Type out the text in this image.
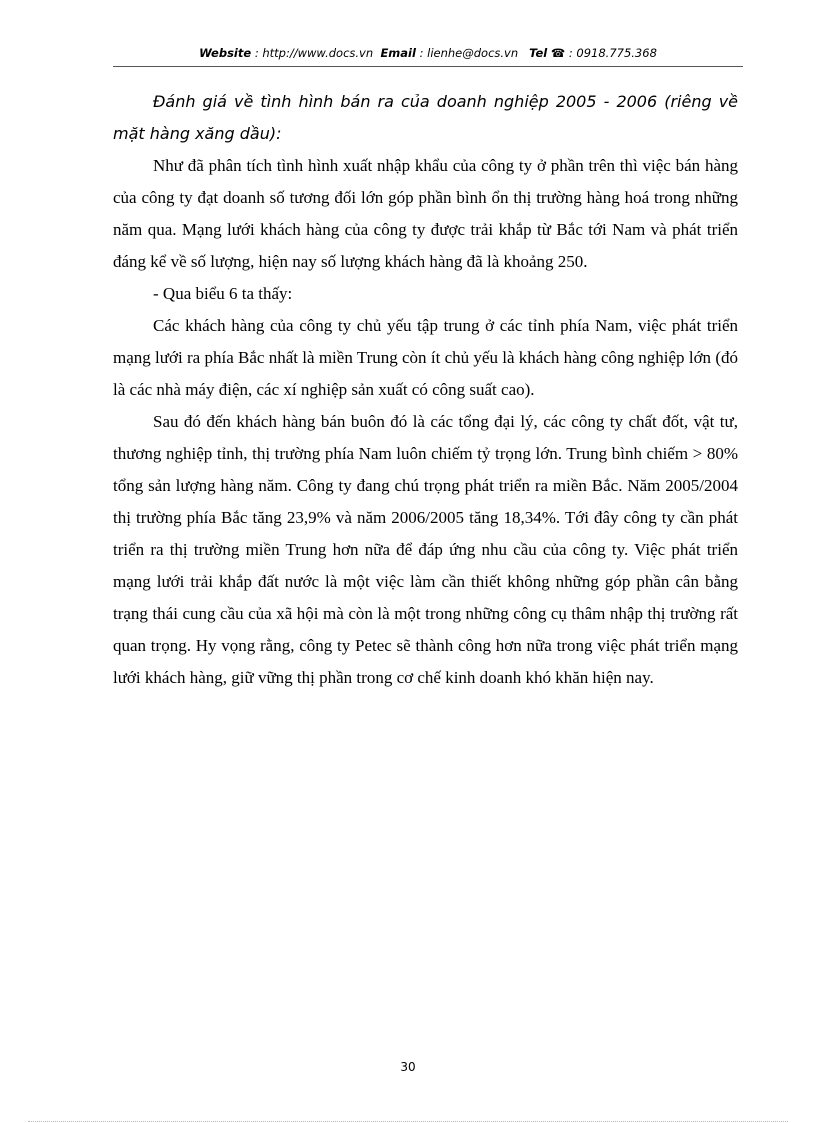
Website : http://www.docs.vn Email : lienhe@docs.vn Tel ☎ : 0918.775.368

Đánh giá về tình hình bán ra của doanh nghiệp 2005 - 2006 (riêng về mặt hàng xăng dầu):

Như đã phân tích tình hình xuất nhập khẩu của công ty ở phần trên thì việc bán hàng của công ty đạt doanh số tương đối lớn góp phần bình ổn thị trường hàng hoá trong những năm qua. Mạng lưới khách hàng của công ty được trải khắp từ Bắc tới Nam và phát triển đáng kể về số lượng, hiện nay số lượng khách hàng đã là khoảng 250.

- Qua biểu 6 ta thấy:

Các khách hàng của công ty chủ yếu tập trung ở các tỉnh phía Nam, việc phát triển mạng lưới ra phía Bắc nhất là miền Trung còn ít chủ yếu là khách hàng công nghiệp lớn (đó là các nhà máy điện, các xí nghiệp sản xuất có công suất cao).

Sau đó đến khách hàng bán buôn đó là các tổng đại lý, các công ty chất đốt, vật tư, thương nghiệp tỉnh, thị trường phía Nam luôn chiếm tỷ trọng lớn. Trung bình chiếm > 80% tổng sản lượng hàng năm. Công ty đang chú trọng phát triển ra miền Bắc. Năm 2005/2004 thị trường phía Bắc tăng 23,9% và năm 2006/2005 tăng 18,34%. Tới đây công ty cần phát triển ra thị trường miền Trung hơn nữa để đáp ứng nhu cầu của công ty. Việc phát triển mạng lưới trải khắp đất nước là một việc làm cần thiết không những góp phần cân bằng trạng thái cung cầu của xã hội mà còn là một trong những công cụ thâm nhập thị trường rất quan trọng. Hy vọng rằng, công ty Petec sẽ thành công hơn nữa trong việc phát triển mạng lưới khách hàng, giữ vững thị phần trong cơ chế kinh doanh khó khăn hiện nay.

30
